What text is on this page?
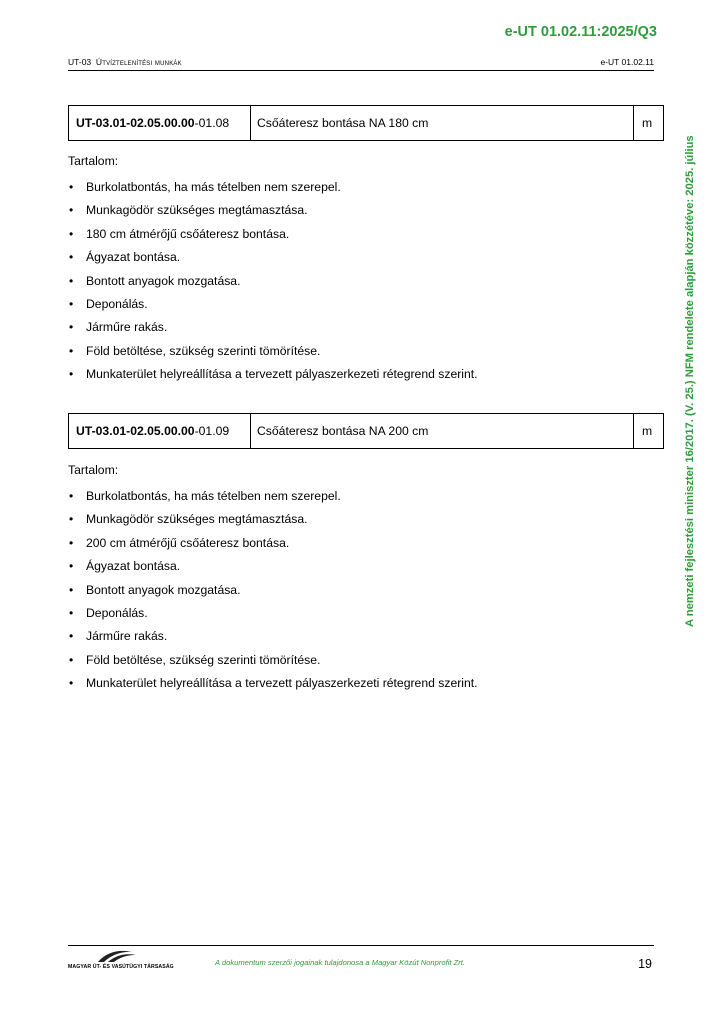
e-UT 01.02.11:2025/Q3
UT-03 Útvíztelenítési munkák	e-UT 01.02.11
A nemzeti fejlesztési miniszter 16/2017. (V. 25.) NFM rendelete alapján közzétéve: 2025. július
UT-03.01-02.05.00.00 -01.08	Csőáteresz bontása NA 180 cm	m
Tartalom:
• Burkolatbontás, ha más tételben nem szerepel.
• Munkagödör szükséges megtámasztása.
• 180 cm átmérőjű csőáteresz bontása.
• Ágyazat bontása.
• Bontott anyagok mozgatása.
• Deponálás.
• Járműre rakás.
• Föld betöltése, szükség szerinti tömörítése.
• Munkaterület helyreállítása a tervezett pályaszerkezeti rétegrend szerint.
UT-03.01-02.05.00.00 -01.09	Csőáteresz bontása NA 200 cm	m
Tartalom:
• Burkolatbontás, ha más tételben nem szerepel.
• Munkagödör szükséges megtámasztása.
• 200 cm átmérőjű csőáteresz bontása.
• Ágyazat bontása.
• Bontott anyagok mozgatása.
• Deponálás.
• Járműre rakás.
• Föld betöltése, szükség szerinti tömörítése.
• Munkaterület helyreállítása a tervezett pályaszerkezeti rétegrend szerint.
MAGYAR ÚT- ÉS VASÚTÜGYI TÁRSASÁG	A dokumentum szerzői jogainak tulajdonosa a Magyar Közút Nonprofit Zrt.	19
